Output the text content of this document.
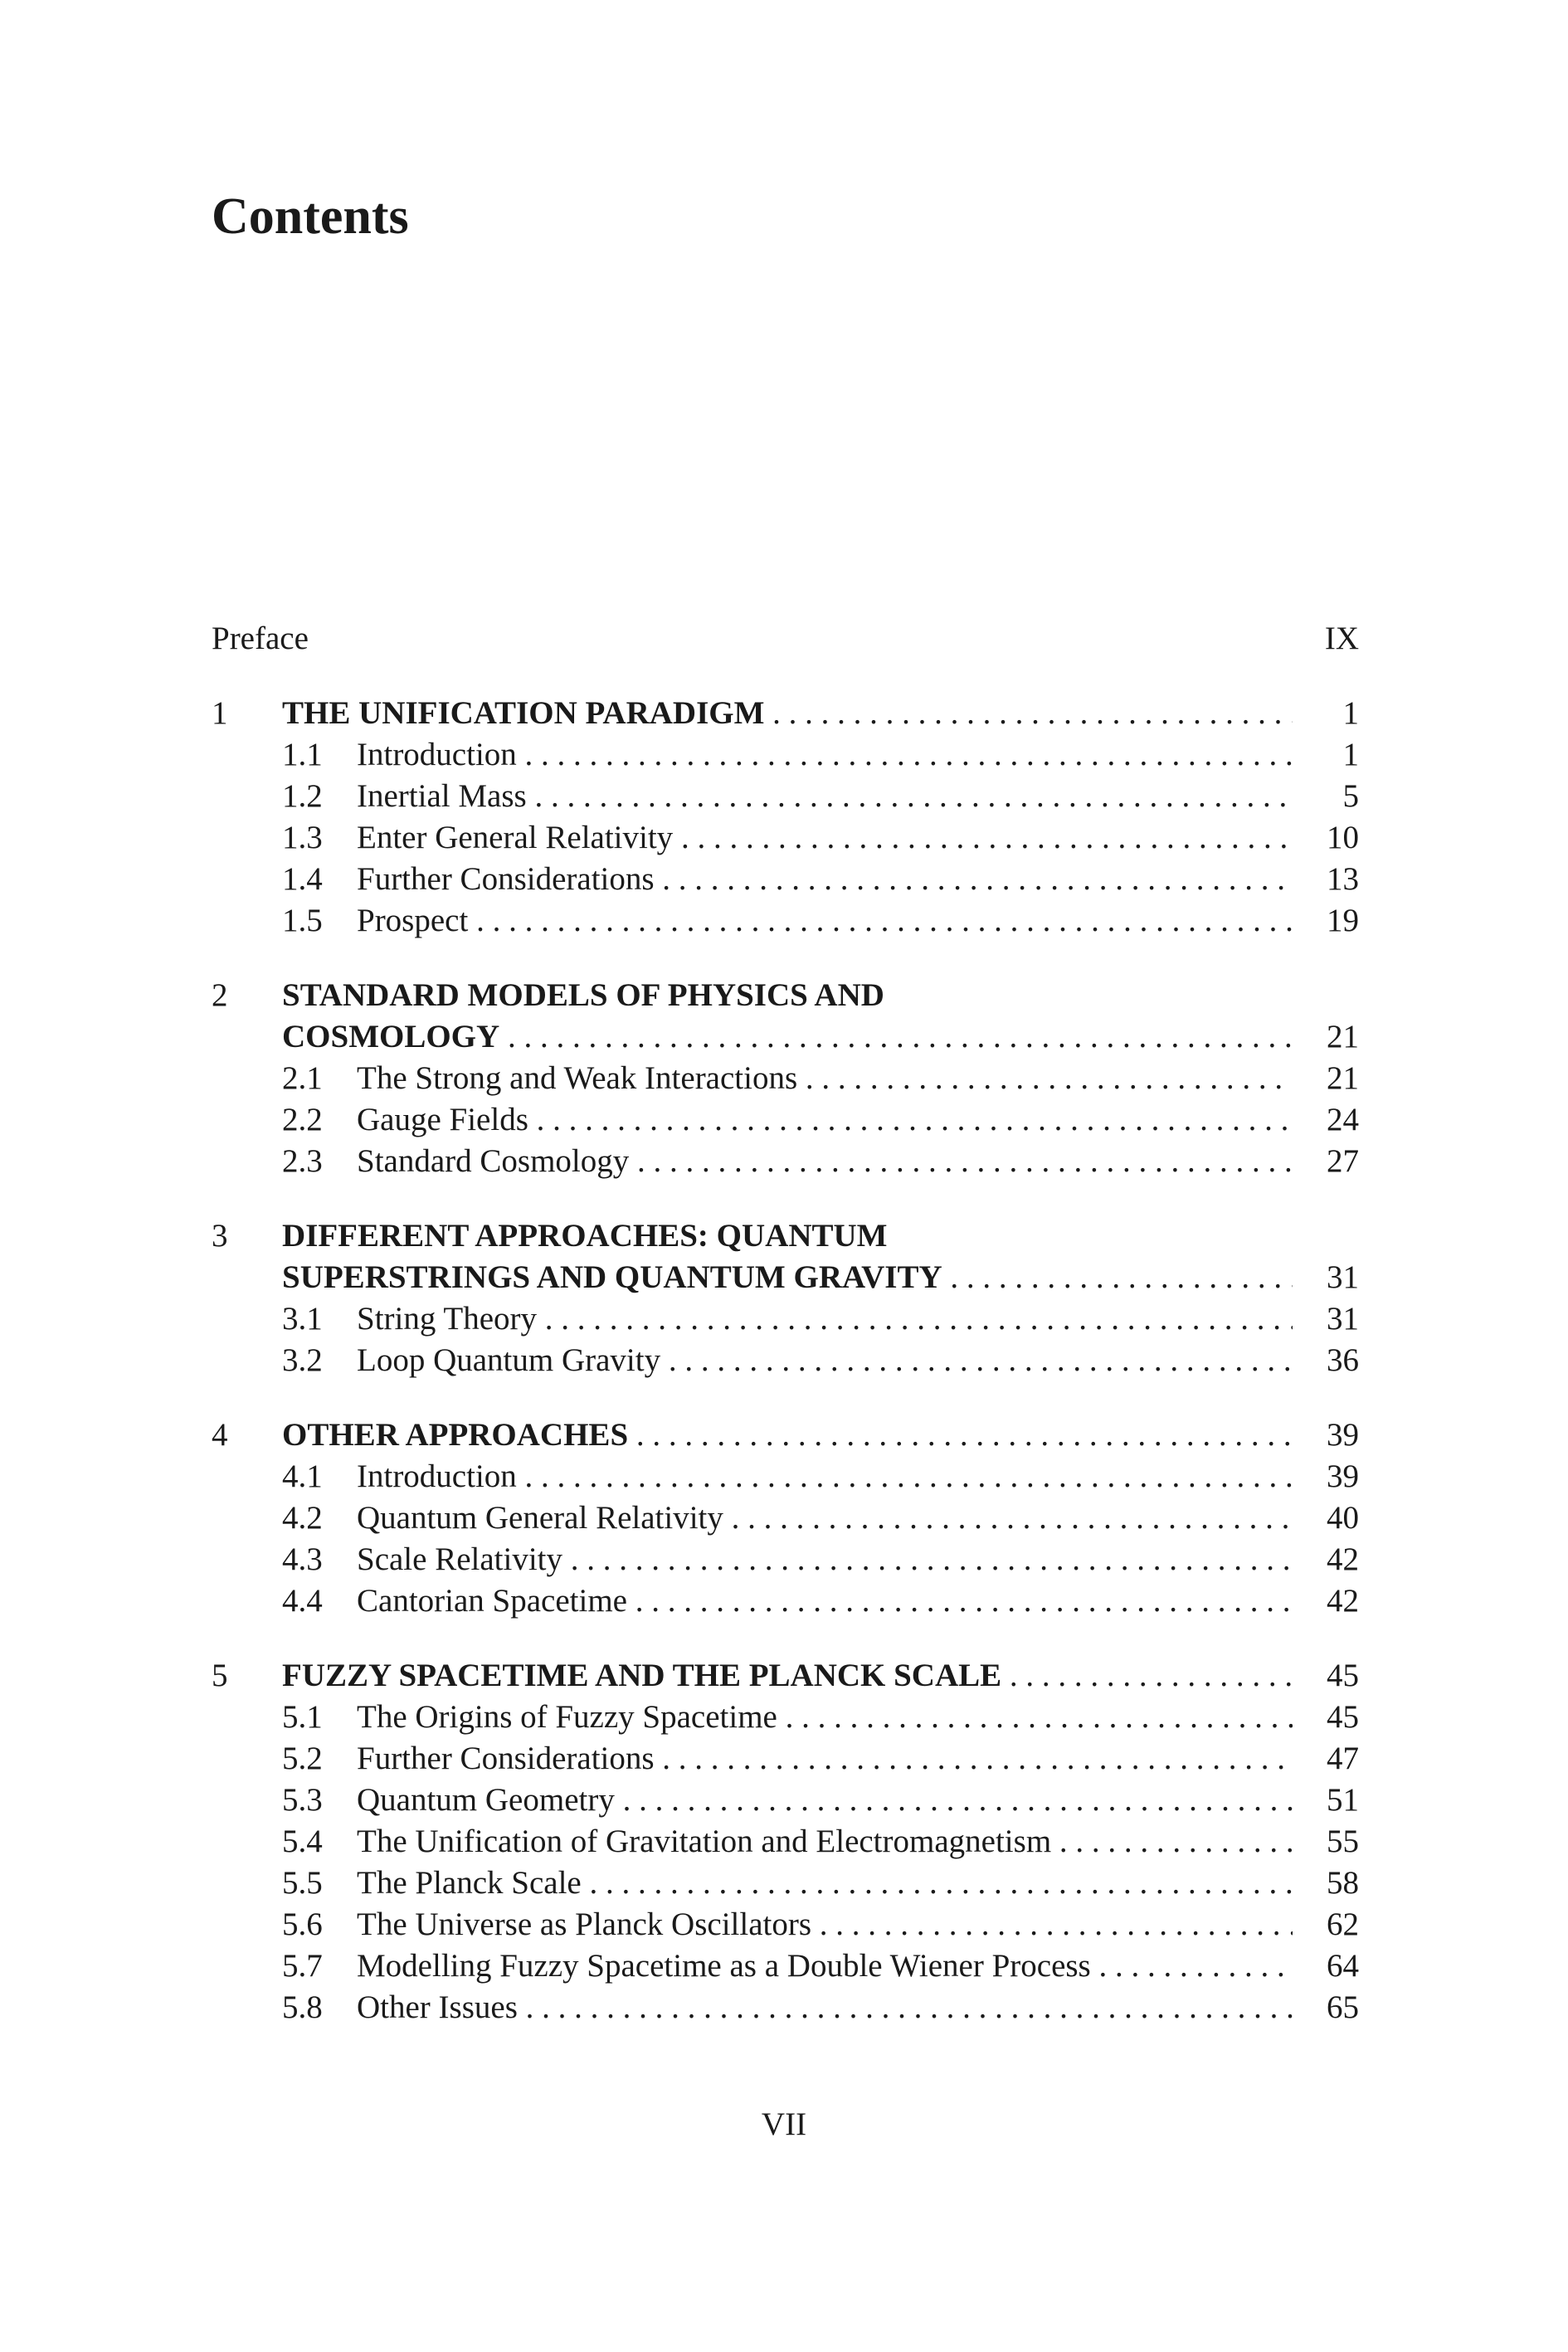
Contents
Preface	IX
1 THE UNIFICATION PARADIGM . . .	1
1.1 Introduction . . .	1
1.2 Inertial Mass . . .	5
1.3 Enter General Relativity . . .	10
1.4 Further Considerations . . .	13
1.5 Prospect . . .	19
2 STANDARD MODELS OF PHYSICS AND
COSMOLOGY . . .	21
2.1 The Strong and Weak Interactions . . .	21
2.2 Gauge Fields . . .	24
2.3 Standard Cosmology . . .	27
3 DIFFERENT APPROACHES: QUANTUM
SUPERSTRINGS AND QUANTUM GRAVITY . . .	31
3.1 String Theory . . .	31
3.2 Loop Quantum Gravity . . .	36
4 OTHER APPROACHES . . .	39
4.1 Introduction . . .	39
4.2 Quantum General Relativity . . .	40
4.3 Scale Relativity . . .	42
4.4 Cantorian Spacetime . . .	42
5 FUZZY SPACETIME AND THE PLANCK SCALE . . .	45
5.1 The Origins of Fuzzy Spacetime . . .	45
5.2 Further Considerations . . .	47
5.3 Quantum Geometry . . .	51
5.4 The Unification of Gravitation and Electromagnetism . . .	55
5.5 The Planck Scale . . .	58
5.6 The Universe as Planck Oscillators . . .	62
5.7 Modelling Fuzzy Spacetime as a Double Wiener Process . . .	64
5.8 Other Issues . . .	65
VII
